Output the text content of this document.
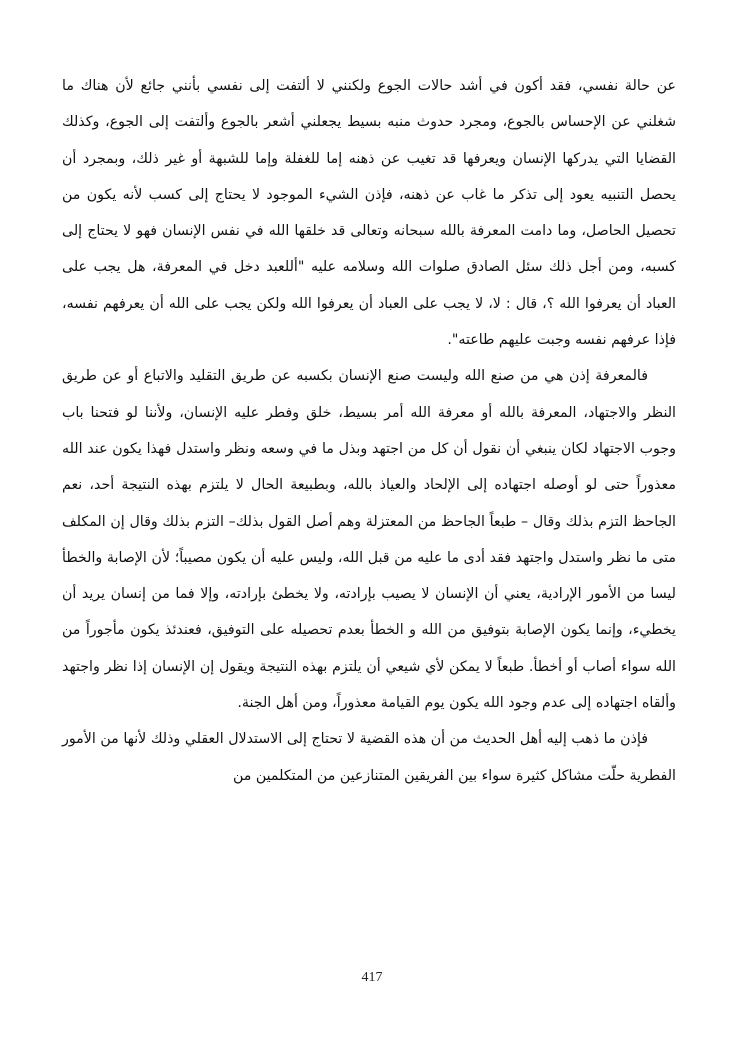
عن حالة نفسي، فقد أكون في أشد حالات الجوع ولكنني لا ألتفت إلى نفسي بأنني جائع لأن هناك ما شغلني عن الإحساس بالجوع، ومجرد حدوث منبه بسيط يجعلني أشعر بالجوع وألتفت إلى الجوع، وكذلك القضايا التي يدركها الإنسان ويعرفها قد تغيب عن ذهنه إما للغفلة وإما للشبهة أو غير ذلك، وبمجرد أن يحصل التنبيه يعود إلى تذكر ما غاب عن ذهنه، فإذن الشيء الموجود لا يحتاج إلى كسب لأنه يكون من تحصيل الحاصل، وما دامت المعرفة بالله سبحانه وتعالى قد خلقها الله في نفس الإنسان فهو لا يحتاج إلى كسبه، ومن أجل ذلك سئل الصادق صلوات الله وسلامه عليه "أللعبد دخل في المعرفة، هل يجب على العباد أن يعرفوا الله ؟، قال : لا، لا يجب على العباد أن يعرفوا الله ولكن يجب على الله أن يعرفهم نفسه، فإذا عرفهم نفسه وجبت عليهم طاعته".

فالمعرفة إذن هي من صنع الله وليست صنع الإنسان بكسبه عن طريق التقليد والاتباع أو عن طريق النظر والاجتهاد، المعرفة بالله أو معرفة الله أمر بسيط، خلق وفطر عليه الإنسان، ولأننا لو فتحنا باب وجوب الاجتهاد لكان ينبغي أن نقول أن كل من اجتهد وبذل ما في وسعه ونظر واستدل فهذا يكون عند الله معذوراً حتى لو أوصله اجتهاده إلى الإلحاد والعياذ بالله، وبطبيعة الحال لا يلتزم بهذه النتيجة أحد، نعم الجاحظ التزم بذلك وقال – طبعاً الجاحظ من المعتزلة وهم أصل القول بذلك– التزم بذلك وقال إن المكلف متى ما نظر واستدل واجتهد فقد أدى ما عليه من قبل الله، وليس عليه أن يكون مصيباً؛ لأن الإصابة والخطأ ليسا من الأمور الإرادية، يعني أن الإنسان لا يصيب بإرادته، ولا يخطئ بإرادته، وإلا فما من إنسان يريد أن يخطيء، وإنما يكون الإصابة بتوفيق من الله و الخطأ بعدم تحصيله على التوفيق، فعندئذ يكون مأجوراً من الله سواء أصاب أو أخطأ. طبعاً لا يمكن لأي شيعي أن يلتزم بهذه النتيجة ويقول إن الإنسان إذا نظر واجتهد وألقاه اجتهاده إلى عدم وجود الله يكون يوم القيامة معذوراً، ومن أهل الجنة.

فإذن ما ذهب إليه أهل الحديث من أن هذه القضية لا تحتاج إلى الاستدلال العقلي وذلك لأنها من الأمور الفطرية حلّت مشاكل كثيرة سواء بين الفريقين المتنازعين من المتكلمين من

417
